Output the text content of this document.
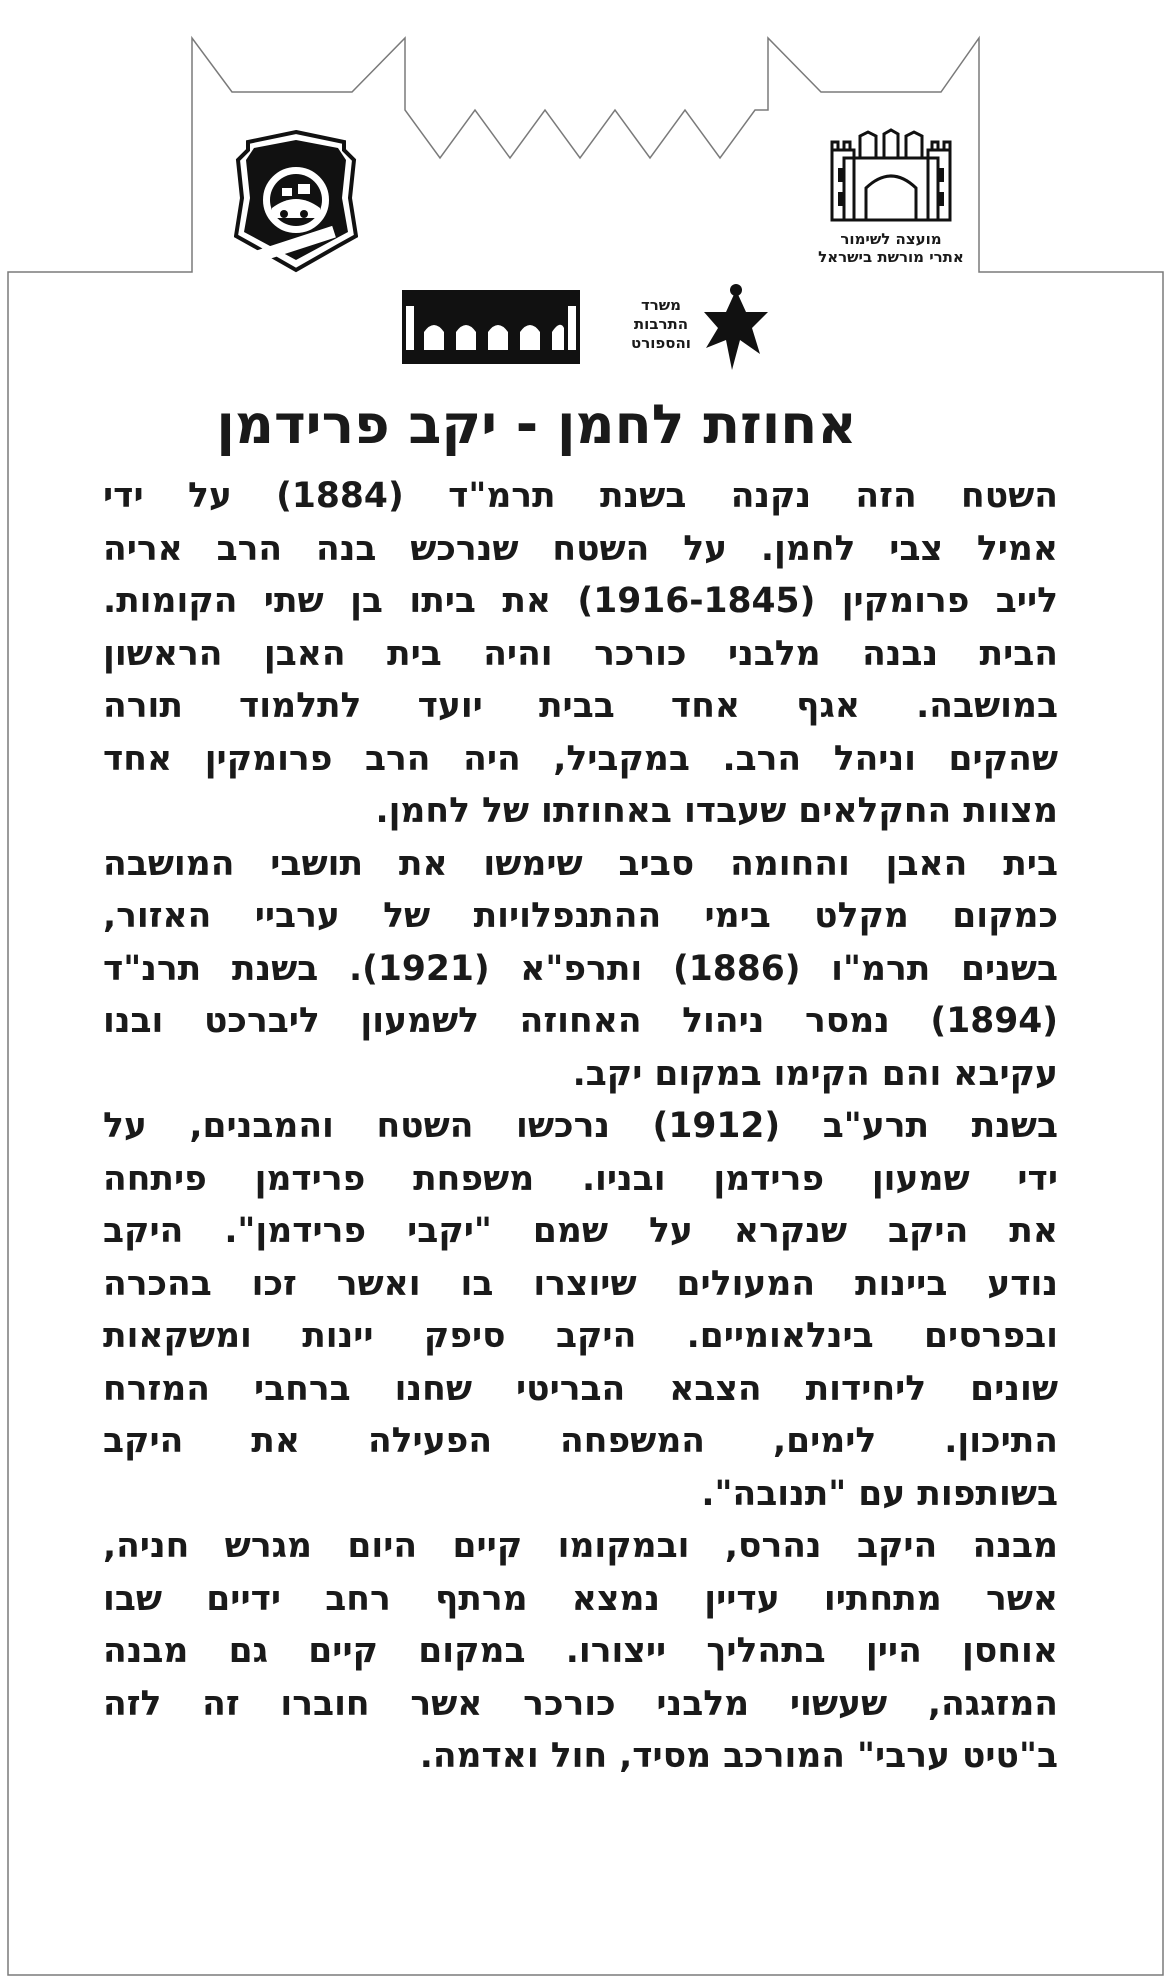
מועצה לשימור
אתרי מורשת בישראל
משרד
התרבות
והספורט
אחוזת לחמן - יקב פרידמן
השטח הזה נקנה בשנת תרמ"ד (1884) על ידי
אמיל צבי לחמן. על השטח שנרכש בנה הרב אריה
לייב פרומקין (1916-1845) את ביתו בן שתי הקומות.
הבית נבנה מלבני כורכר והיה בית האבן הראשון
במושבה. אגף אחד בבית יועד לתלמוד תורה
שהקים וניהל הרב. במקביל, היה הרב פרומקין אחד
מצוות החקלאים שעבדו באחוזתו של לחמן.
בית האבן והחומה סביב שימשו את תושבי המושבה
כמקום מקלט בימי ההתנפלויות של ערביי האזור,
בשנים תרמ"ו (1886) ותרפ"א (1921). בשנת תרנ"ד
(1894) נמסר ניהול האחוזה לשמעון ליברכט ובנו
עקיבא והם הקימו במקום יקב.
בשנת תרע"ב (1912) נרכשו השטח והמבנים, על
ידי שמעון פרידמן ובניו. משפחת פרידמן פיתחה
את היקב שנקרא על שמם "יקבי פרידמן". היקב
נודע ביינות המעולים שיוצרו בו ואשר זכו בהכרה
ובפרסים בינלאומיים. היקב סיפק יינות ומשקאות
שונים ליחידות הצבא הבריטי שחנו ברחבי המזרח
התיכון. לימים, המשפחה הפעילה את היקב
בשותפות עם "תנובה".
מבנה היקב נהרס, ובמקומו קיים היום מגרש חניה,
אשר מתחתיו עדיין נמצא מרתף רחב ידיים שבו
אוחסן היין בתהליך ייצורו. במקום קיים גם מבנה
המזגגה, שעשוי מלבני כורכר אשר חוברו זה לזה
ב"טיט ערבי" המורכב מסיד, חול ואדמה.
